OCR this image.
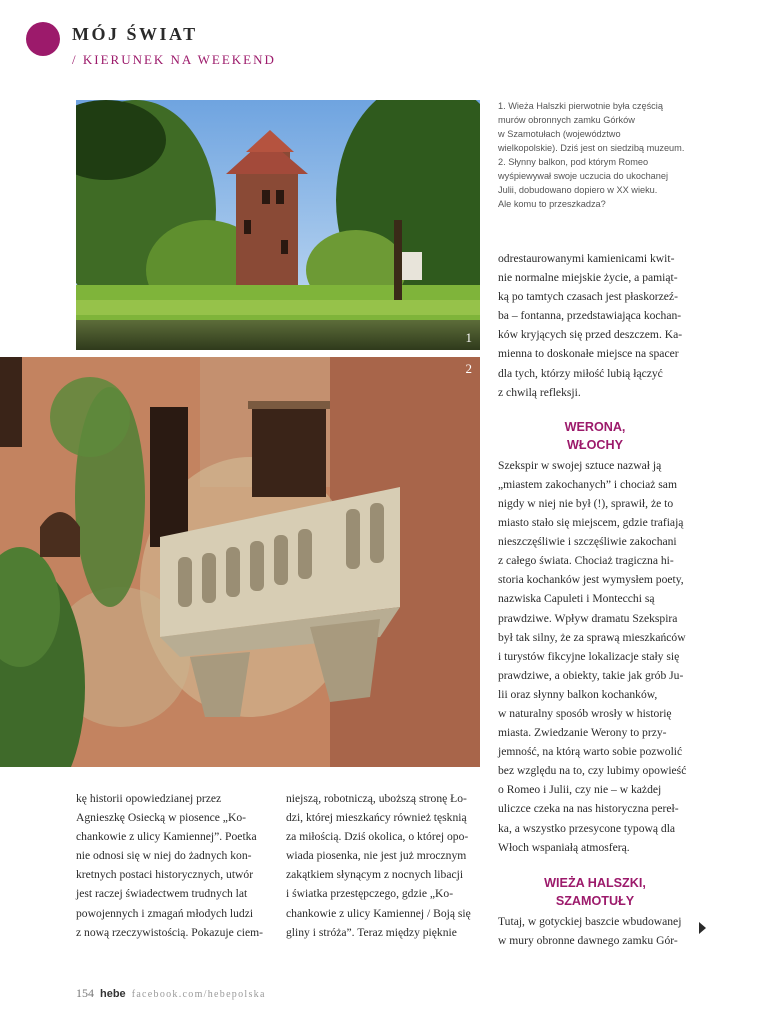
MÓJ ŚWIAT
/ KIERUNEK NA WEEKEND
1

1. Wieża Halszki pierwotnie była częścią

murów obronnych zamku Górków

w Szamotułach (województwo

wielkopolskie). Dziś jest on siedzibą muzeum.

2. Słynny balkon, pod którym Romeo

wyśpiewywał swoje uczucia do ukochanej

Julii, dobudowano dopiero w XX wieku.

Ale komu to przeszkadza?

2

odrestaurowanymi kamienicami kwit-

nie normalne miejskie życie, a pamiąt-

ką po tamtych czasach jest płaskorzeź-

ba – fontanna, przedstawiająca kochan-

ków kryjących się przed deszczem. Ka-

mienna to doskonałe miejsce na spacer

dla tych, którzy miłość lubią łączyć

z chwilą refleksji.

WERONA,
WŁOCHY

Szekspir w swojej sztuce nazwał ją

„miastem zakochanych” i chociaż sam

nigdy w niej nie był (!), sprawił, że to

miasto stało się miejscem, gdzie trafiają

nieszczęśliwie i szczęśliwie zakochani

z całego świata. Chociaż tragiczna hi-

storia kochanków jest wymysłem poety,

nazwiska Capuleti i Montecchi są

prawdziwe. Wpływ dramatu Szekspira

był tak silny, że za sprawą mieszkańców

i turystów fikcyjne lokalizacje stały się

prawdziwe, a obiekty, takie jak grób Ju-

lii oraz słynny balkon kochanków,

w naturalny sposób wrosły w historię

miasta. Zwiedzanie Werony to przy-

jemność, na którą warto sobie pozwolić

bez względu na to, czy lubimy opowieść

o Romeo i Julii, czy nie – w każdej

uliczce czeka na nas historyczna pereł-

ka, a wszystko przesycone typową dla

Włoch wspaniałą atmosferą.

WIEŻA HALSZKI,
SZAMOTUŁY

Tutaj, w gotyckiej baszcie wbudowanej

w mury obronne dawnego zamku Gór-

kę historii opowiedzianej przez

Agnieszkę Osiecką w piosence „Ko-

chankowie z ulicy Kamiennej”. Poetka

nie odnosi się w niej do żadnych kon-

kretnych postaci historycznych, utwór

jest raczej świadectwem trudnych lat

powojennych i zmagań młodych ludzi

z nową rzeczywistością. Pokazuje ciem-

niejszą, robotniczą, uboższą stronę Ło-

dzi, której mieszkańcy również tęsknią

za miłością. Dziś okolica, o której opo-

wiada piosenka, nie jest już mrocznym

zakątkiem słynącym z nocnych libacji

i światka przestępczego, gdzie „Ko-

chankowie z ulicy Kamiennej / Boją się

gliny i stróża”. Teraz między pięknie

154 hebe facebook.com/hebepolska
